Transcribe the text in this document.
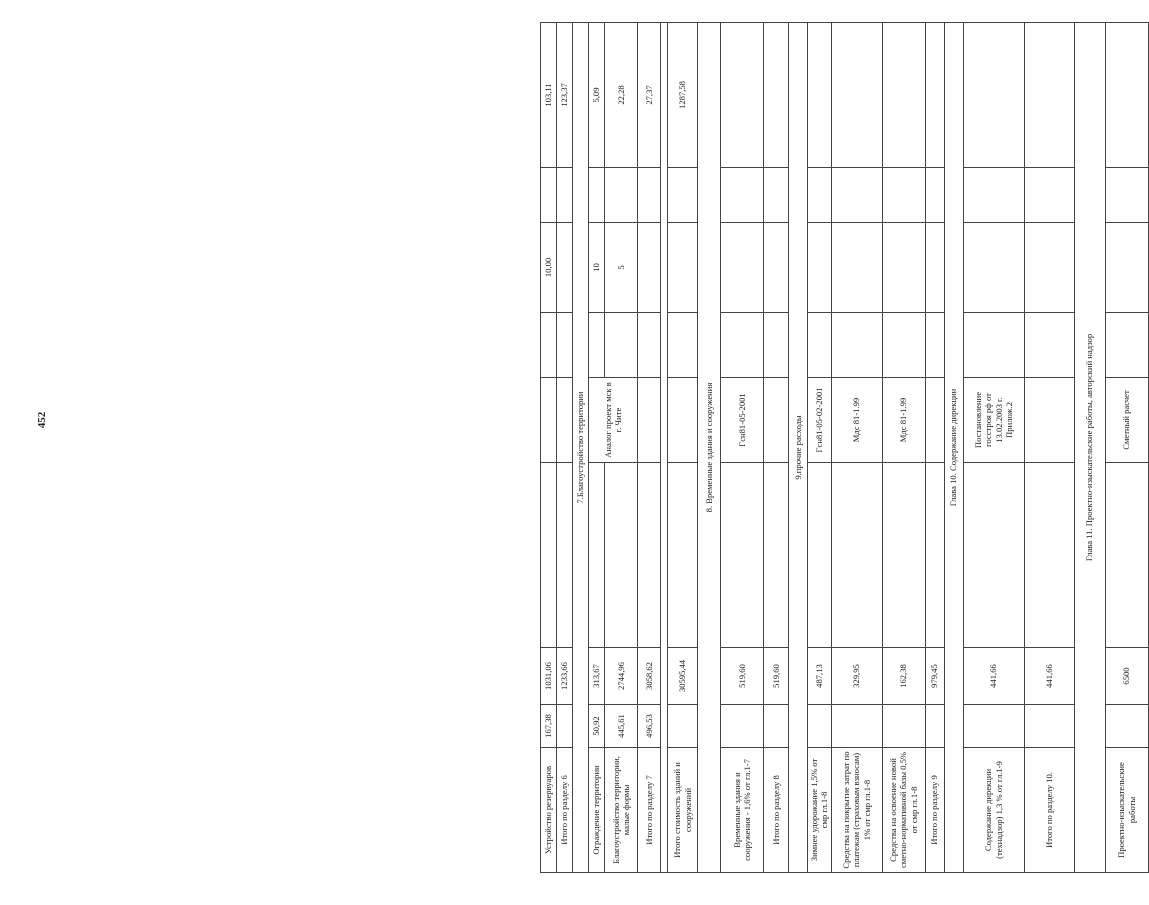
452
Устройство резервуаров	167,38	1031,06				10,00		103,11
Итого по разделу 6		1233,66						123,37
7.Благоустройство территории								
Ограждение территории	50,92	313,67		Аналог проект мск в г. Чите		10		5,09
Благоустройство территории, малые формы	445,61	2744,96				5		22,28
Итого по разделу 7	496,53	3058,62						27,37

Итого стоимость зданий и сооружений		30595,44						1287,58
8. Временные здания и сооружения								
Временные здания и сооружения - 1,6% от гл.1-7		519,60		Гсн81-05-2001				
Итого по разделу 8		519,60						
9.прочие расходы								
Зимнее удорожание 1,5% от смр гл.1-8		487,13		Гсн81-05-02-2001				
Средства на покрытие затрат по платежам (страховым взносам) 1% от смр гл.1-8		329,95		Мдс 81-1.99				
Средства на освоение новой сметно-нормативной базы 0,5% от смр гл.1-8		162,38		Мдс 81-1.99				
Итого по разделу 9		979,45						
Глава 10. Содержание дирекции								
Содержание дирекции (технадзор) 1,3 % от гл.1-9		441,66		Постановление госстроя рф от 13.02.2003 г. Прилож.2				
Итого по разделу 10.		441,66						
Глава 11. Проектно-изыскательские работы, авторский надзор								
Проектно-изыскательские работы		6500		Сметный расчет				
